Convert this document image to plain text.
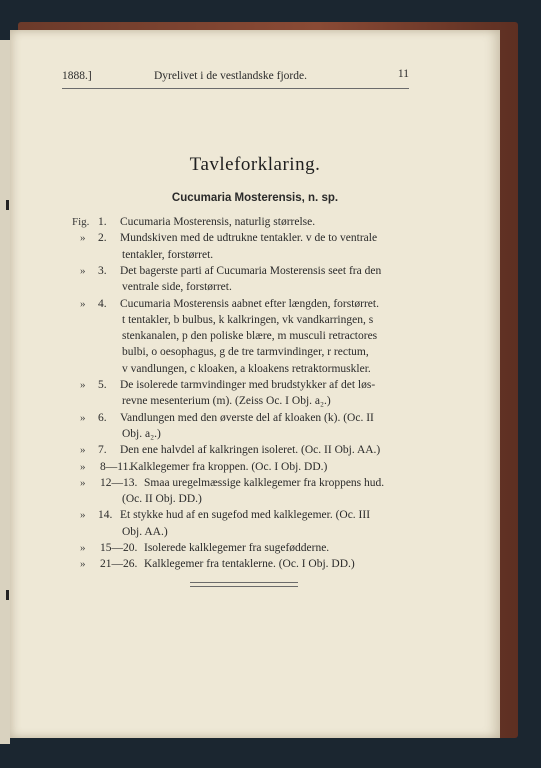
1888.]	Dyrelivet i de vestlandske fjorde.	11
Tavleforklaring.
Cucumaria Mosterensis, n. sp.
Fig. 1. Cucumaria Mosterensis, naturlig størrelse.
» 2. Mundskiven med de udtrukne tentakler. v de to ventrale
tentakler, forstørret.
» 3. Det bagerste parti af Cucumaria Mosterensis seet fra den
ventrale side, forstørret.
» 4. Cucumaria Mosterensis aabnet efter længden, forstørret.
t tentakler, b bulbus, k kalkringen, vk vandkarringen, s
stenkanalen, p den poliske blære, m musculi retractores
bulbi, o oesophagus, g de tre tarmvindinger, r rectum,
v vandlungen, c kloaken, a kloakens retraktormuskler.
» 5. De isolerede tarmvindinger med brudstykker af det løs-
revne mesenterium (m). (Zeiss Oc. I Obj. a₂.)
» 6. Vandlungen med den øverste del af kloaken (k). (Oc. II
Obj. a₂.)
» 7. Den ene halvdel af kalkringen isoleret. (Oc. II Obj. AA.)
» 8—11.
Kalklegemer fra kroppen. (Oc. I Obj. DD.)
» 12—13. Smaa uregelmæssige kalklegemer fra kroppens hud.
(Oc. II Obj. DD.)
» 14. Et stykke hud af en sugefod med kalklegemer. (Oc. III
Obj. AA.)
» 15—20. Isolerede kalklegemer fra sugefødderne.
» 21—26. Kalklegemer fra tentaklerne. (Oc. I Obj. DD.)
